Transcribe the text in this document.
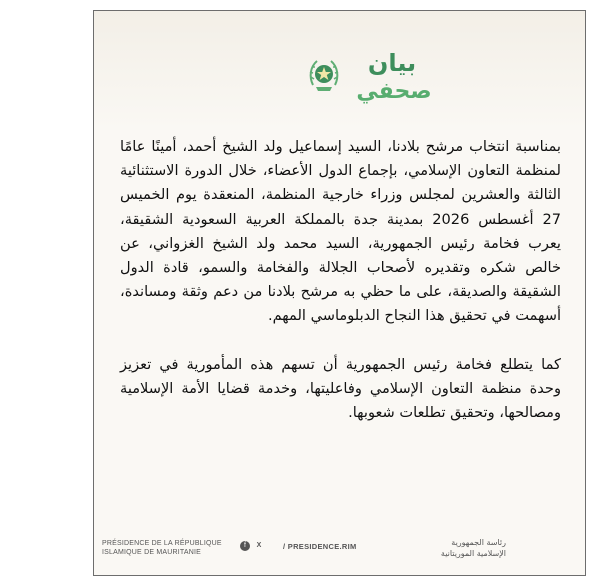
بيان
صحفي

بمناسبة انتخاب مرشح بلادنا، السيد إسماعيل ولد الشيخ أحمد، أمينًا عامًا لمنظمة التعاون الإسلامي، بإجماع الدول الأعضاء، خلال الدورة الاستثنائية الثالثة والعشرين لمجلس وزراء خارجية المنظمة، المنعقدة يوم الخميس 27 أغسطس 2026 بمدينة جدة بالمملكة العربية السعودية الشقيقة، يعرب فخامة رئيس الجمهورية، السيد محمد ولد الشيخ الغزواني، عن خالص شكره وتقديره لأصحاب الجلالة والفخامة والسمو، قادة الدول الشقيقة والصديقة، على ما حظي به مرشح بلادنا من دعم وثقة ومساندة، أسهمت في تحقيق هذا النجاح الدبلوماسي المهم.

كما يتطلع فخامة رئيس الجمهورية أن تسهم هذه المأمورية في تعزيز وحدة منظمة التعاون الإسلامي وفاعليتها، وخدمة قضايا الأمة الإسلامية ومصالحها، وتحقيق تطلعات شعوبها.

PRÉSIDENCE DE LA RÉPUBLIQUE
ISLAMIQUE DE MAURITANIE
f	X	/ PRESIDENCE.RIM	رئاسة الجمهورية
الإسلامية الموريتانية
